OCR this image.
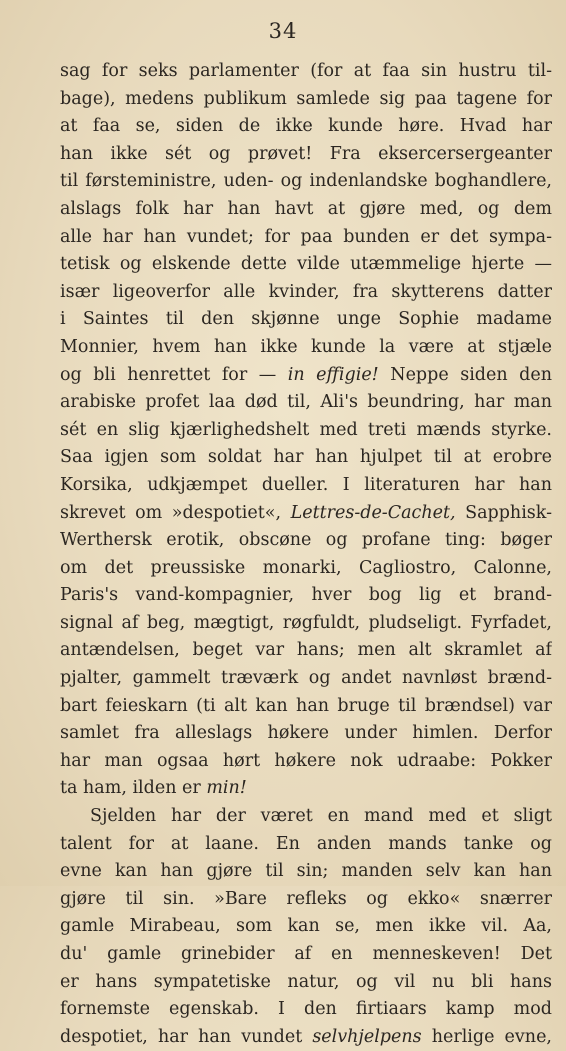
34
sag for seks parlamenter (for at faa sin hustru til-
bage), medens publikum samlede sig paa tagene for
at faa se, siden de ikke kunde høre. Hvad har
han ikke sét og prøvet! Fra eksercersergeanter
til førsteministre, uden- og indenlandske boghandlere,
alslags folk har han havt at gjøre med, og dem
alle har han vundet; for paa bunden er det sympa-
tetisk og elskende dette vilde utæmmelige hjerte —
især ligeoverfor alle kvinder, fra skytterens datter
i Saintes til den skjønne unge Sophie madame
Monnier, hvem han ikke kunde la være at stjæle
og bli henrettet for — in effigie! Neppe siden den
arabiske profet laa død til, Ali's beundring, har man
sét en slig kjærlighedshelt med treti mænds styrke.
Saa igjen som soldat har han hjulpet til at erobre
Korsika, udkjæmpet dueller. I literaturen har han
skrevet om »despotiet«, Lettres-de-Cachet, Sapphisk-
Werthersk erotik, obscøne og profane ting: bøger
om det preussiske monarki, Cagliostro, Calonne,
Paris's vand-kompagnier, hver bog lig et brand-
signal af beg, mægtigt, røgfuldt, pludseligt. Fyrfadet,
antændelsen, beget var hans; men alt skramlet af
pjalter, gammelt træværk og andet navnløst brænd-
bart feieskarn (ti alt kan han bruge til brændsel) var
samlet fra alleslags høkere under himlen. Derfor
har man ogsaa hørt høkere nok udraabe: Pokker
ta ham, ilden er min!
Sjelden har der været en mand med et sligt
talent for at laane. En anden mands tanke og
evne kan han gjøre til sin; manden selv kan han
gjøre til sin. »Bare refleks og ekko« snærrer
gamle Mirabeau, som kan se, men ikke vil. Aa,
du' gamle grinebider af en menneskeven! Det
er hans sympatetiske natur, og vil nu bli hans
fornemste egenskab. I den firtiaars kamp mod
despotiet, har han vundet selvhjelpens herlige evne,
